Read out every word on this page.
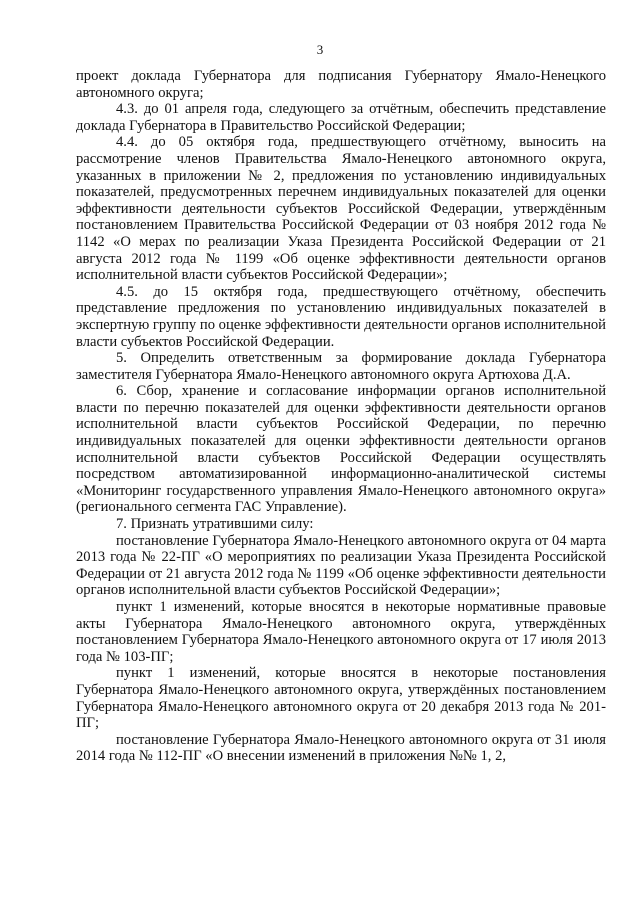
3

проект доклада Губернатора для подписания Губернатору Ямало-Ненецкого автономного округа;

4.3. до 01 апреля года, следующего за отчётным, обеспечить представление доклада Губернатора в Правительство Российской Федерации;

4.4. до 05 октября года, предшествующего отчётному, выносить на рассмотрение членов Правительства Ямало-Ненецкого автономного округа, указанных в приложении № 2, предложения по установлению индивидуальных показателей, предусмотренных перечнем индивидуальных показателей для оценки эффективности деятельности субъектов Российской Федерации, утверждённым постановлением Правительства Российской Федерации от 03 ноября 2012 года № 1142 «О мерах по реализации Указа Президента Российской Федерации от 21 августа 2012 года № 1199 «Об оценке эффективности деятельности органов исполнительной власти субъектов Российской Федерации»;

4.5. до 15 октября года, предшествующего отчётному, обеспечить представление предложения по установлению индивидуальных показателей в экспертную группу по оценке эффективности деятельности органов исполнительной власти субъектов Российской Федерации.

5. Определить ответственным за формирование доклада Губернатора заместителя Губернатора Ямало-Ненецкого автономного округа Артюхова Д.А.

6. Сбор, хранение и согласование информации органов исполнительной власти по перечню показателей для оценки эффективности деятельности органов исполнительной власти субъектов Российской Федерации, по перечню индивидуальных показателей для оценки эффективности деятельности органов исполнительной власти субъектов Российской Федерации осуществлять посредством автоматизированной информационно-аналитической системы «Мониторинг государственного управления Ямало-Ненецкого автономного округа» (регионального сегмента ГАС Управление).

7. Признать утратившими силу:

постановление Губернатора Ямало-Ненецкого автономного округа от 04 марта 2013 года № 22-ПГ «О мероприятиях по реализации Указа Президента Российской Федерации от 21 августа 2012 года № 1199 «Об оценке эффективности деятельности органов исполнительной власти субъектов Российской Федерации»;

пункт 1 изменений, которые вносятся в некоторые нормативные правовые акты Губернатора Ямало-Ненецкого автономного округа, утверждённых постановлением Губернатора Ямало-Ненецкого автономного округа от 17 июля 2013 года № 103-ПГ;

пункт 1 изменений, которые вносятся в некоторые постановления Губернатора Ямало-Ненецкого автономного округа, утверждённых постановлением Губернатора Ямало-Ненецкого автономного округа от 20 декабря 2013 года № 201-ПГ;

постановление Губернатора Ямало-Ненецкого автономного округа от 31 июля 2014 года № 112-ПГ «О внесении изменений в приложения №№ 1, 2,
